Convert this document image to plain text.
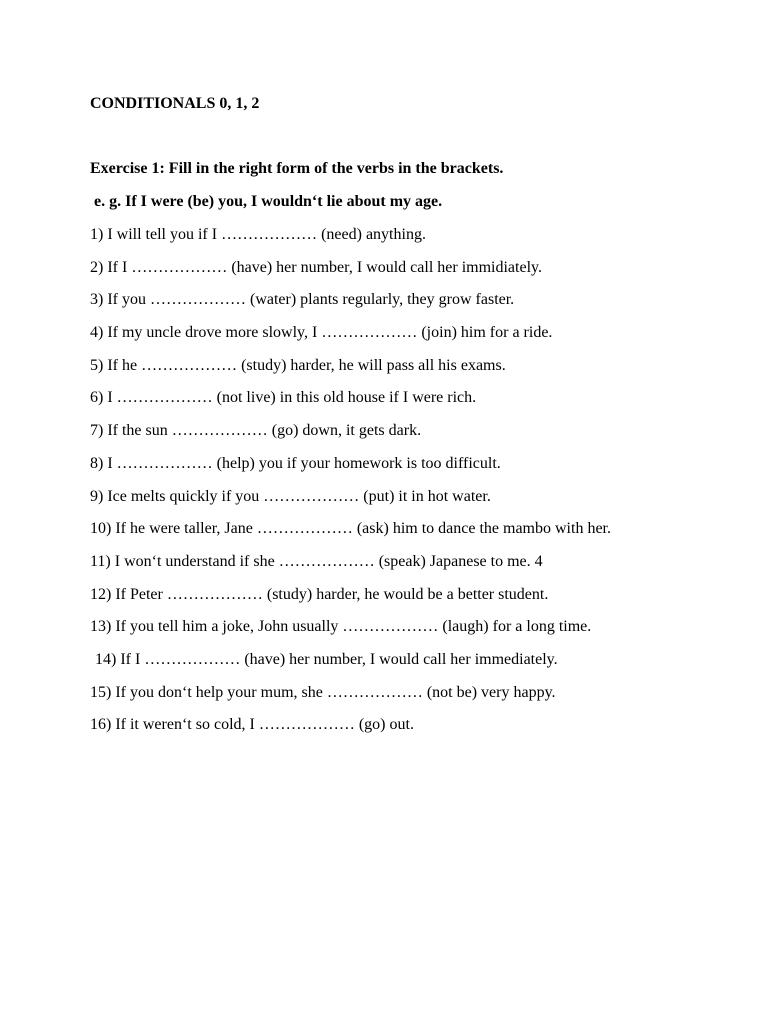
CONDITIONALS 0, 1, 2
Exercise 1: Fill in the right form of the verbs in the brackets.
e. g. If I were (be) you, I wouldn‘t lie about my age.
1) I will tell you if I ……………… (need) anything.
2) If I ……………… (have) her number, I would call her immidiately.
3) If you ……………… (water) plants regularly, they grow faster.
4) If my uncle drove more slowly, I ……………… (join) him for a ride.
5) If he ……………… (study) harder, he will pass all his exams.
6) I ……………… (not live) in this old house if I were rich.
7) If the sun ……………… (go) down, it gets dark.
8) I ……………… (help) you if your homework is too difficult.
9) Ice melts quickly if you ……………… (put) it in hot water.
10) If he were taller, Jane ……………… (ask) him to dance the mambo with her.
11) I won‘t understand if she ……………… (speak) Japanese to me. 4
12) If Peter ……………… (study) harder, he would be a better student.
13) If you tell him a joke, John usually ……………… (laugh) for a long time.
14) If I ……………… (have) her number, I would call her immediately.
15) If you don‘t help your mum, she ……………… (not be) very happy.
16) If it weren‘t so cold, I ……………… (go) out.
